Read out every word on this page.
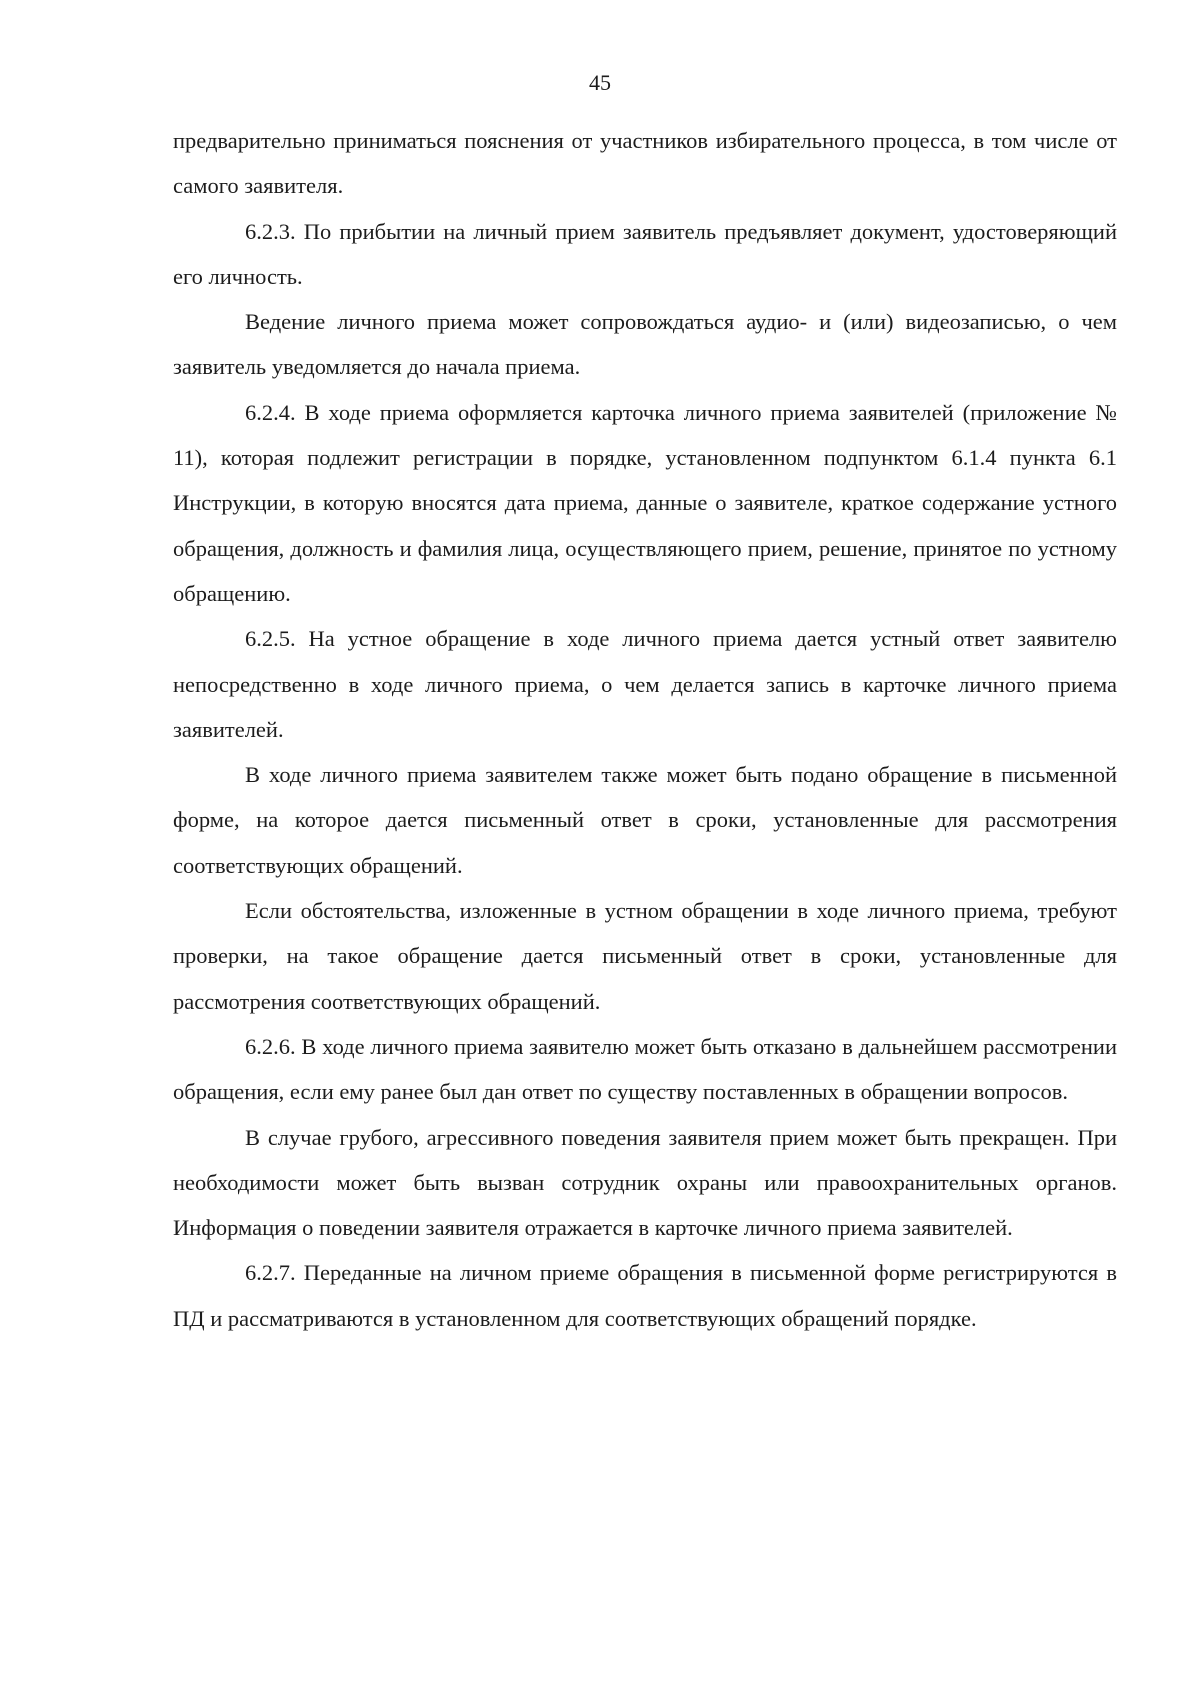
45

предварительно приниматься пояснения от участников избирательного процесса, в том числе от самого заявителя.

6.2.3. По прибытии на личный прием заявитель предъявляет документ, удостоверяющий его личность.

Ведение личного приема может сопровождаться аудио- и (или) видеозаписью, о чем заявитель уведомляется до начала приема.

6.2.4. В ходе приема оформляется карточка личного приема заявителей (приложение № 11), которая подлежит регистрации в порядке, установленном подпунктом 6.1.4 пункта 6.1 Инструкции, в которую вносятся дата приема, данные о заявителе, краткое содержание устного обращения, должность и фамилия лица, осуществляющего прием, решение, принятое по устному обращению.

6.2.5. На устное обращение в ходе личного приема дается устный ответ заявителю непосредственно в ходе личного приема, о чем делается запись в карточке личного приема заявителей.

В ходе личного приема заявителем также может быть подано обращение в письменной форме, на которое дается письменный ответ в сроки, установленные для рассмотрения соответствующих обращений.

Если обстоятельства, изложенные в устном обращении в ходе личного приема, требуют проверки, на такое обращение дается письменный ответ в сроки, установленные для рассмотрения соответствующих обращений.

6.2.6. В ходе личного приема заявителю может быть отказано в дальнейшем рассмотрении обращения, если ему ранее был дан ответ по существу поставленных в обращении вопросов.

В случае грубого, агрессивного поведения заявителя прием может быть прекращен. При необходимости может быть вызван сотрудник охраны или правоохранительных органов. Информация о поведении заявителя отражается в карточке личного приема заявителей.

6.2.7. Переданные на личном приеме обращения в письменной форме регистрируются в ПД и рассматриваются в установленном для соответствующих обращений порядке.
